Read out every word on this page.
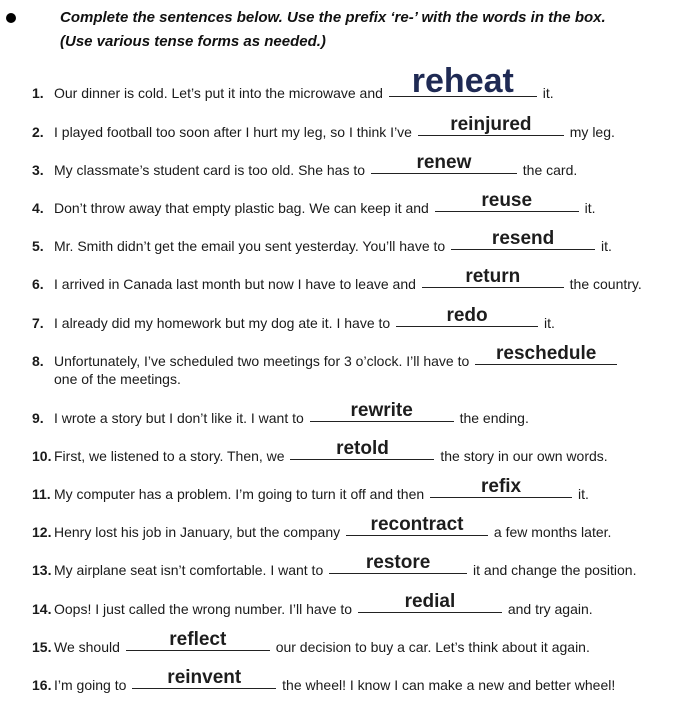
Complete the sentences below. Use the prefix ‘re-’ with the words in the box.
(Use various tense forms as needed.)
1. Our dinner is cold. Let’s put it into the microwave and reheat	it.
2. I played football too soon after I hurt my leg, so I think I’ve	reinjured	my leg.
3. My classmate’s student card is too old. She has to	renew	the card.
4. Don’t throw away that empty plastic bag. We can keep it and	reuse	it.
5. Mr. Smith didn’t get the email you sent yesterday. You’ll have to	resend	it.
6. I arrived in Canada last month but now I have to leave and	return	the country.
7. I already did my homework but my dog ate it. I have to	redo	it.
8. Unfortunately, I’ve scheduled two meetings for 3 o’clock. I’ll have to	reschedule
one of the meetings.
9. I wrote a story but I don’t like it. I want to	rewrite	the ending.
10. First, we listened to a story. Then, we	retold	the story in our own words.
11. My computer has a problem. I’m going to turn it off and then	refix	it.
12. Henry lost his job in January, but the company	recontract	a few months later.
13. My airplane seat isn’t comfortable. I want to	restore	it and change the position.
14. Oops! I just called the wrong number. I’ll have to	redial	and try again.
15. We should	reflect	our decision to buy a car. Let’s think about it again.
16. I’m going to	reinvent	the wheel! I know I can make a new and better wheel!
